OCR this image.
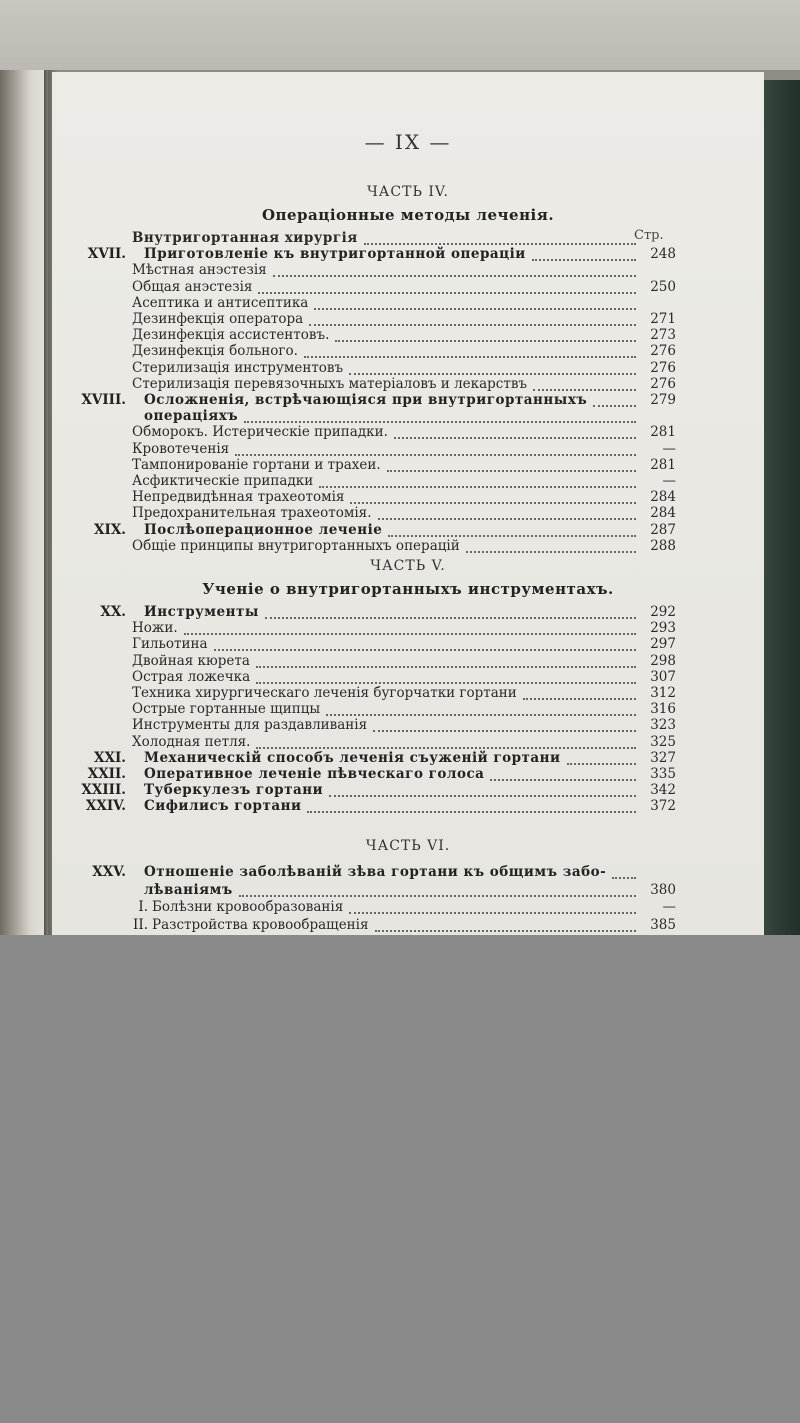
— IX —
ЧАСТЬ IV.
Операціонные методы леченія.
Стр.
Внутригортанная хирургія
XVII. Приготовленіе къ внутригортанной операціи	248
Мѣстная анэстезія
Общая анэстезія	250
Асептика и антисептика
Дезинфекція оператора	271
Дезинфекція ассистентовъ.	273
Дезинфекція больного.	276
Стерилизація инструментовъ	276
Стерилизація перевязочныхъ матеріаловъ и лекарствъ	276
XVIII. Осложненія, встрѣчающіяся при внутригортанныхъ	279
операціяхъ
Обморокъ. Истерическіе припадки.	281
Кровотеченія	—
Тампонированіе гортани и трахеи.	281
Асфиктическіе припадки	—
Непредвидѣнная трахеотомія	284
Предохранительная трахеотомія.	284
XIX. Послѣоперационное леченіе	287
Общіе принципы внутригортанныхъ операцій	288
ЧАСТЬ V.
Ученіе о внутригортанныхъ инструментахъ.
XX. Инструменты	292
Ножи.	293
Гильотина	297
Двойная кюрета	298
Острая ложечка	307
Техника хирургическаго леченія бугорчатки гортани	312
Острые гортанные щипцы	316
Инструменты для раздавливанія	323
Холодная петля.	325
XXI. Механическій способъ леченія съуженій гортани	327
XXII. Оперативное леченіе пѣвческаго голоса	335
XXIII. Туберкулезъ гортани	342
XXIV. Сифилисъ гортани	372
ЧАСТЬ VI.
XXV. Отношеніе заболѣваній зѣва гортани къ общимъ забо-
лѣваніямъ	380
I. Болѣзни кровообразованія	—
II. Разстройства кровообращенія	385
